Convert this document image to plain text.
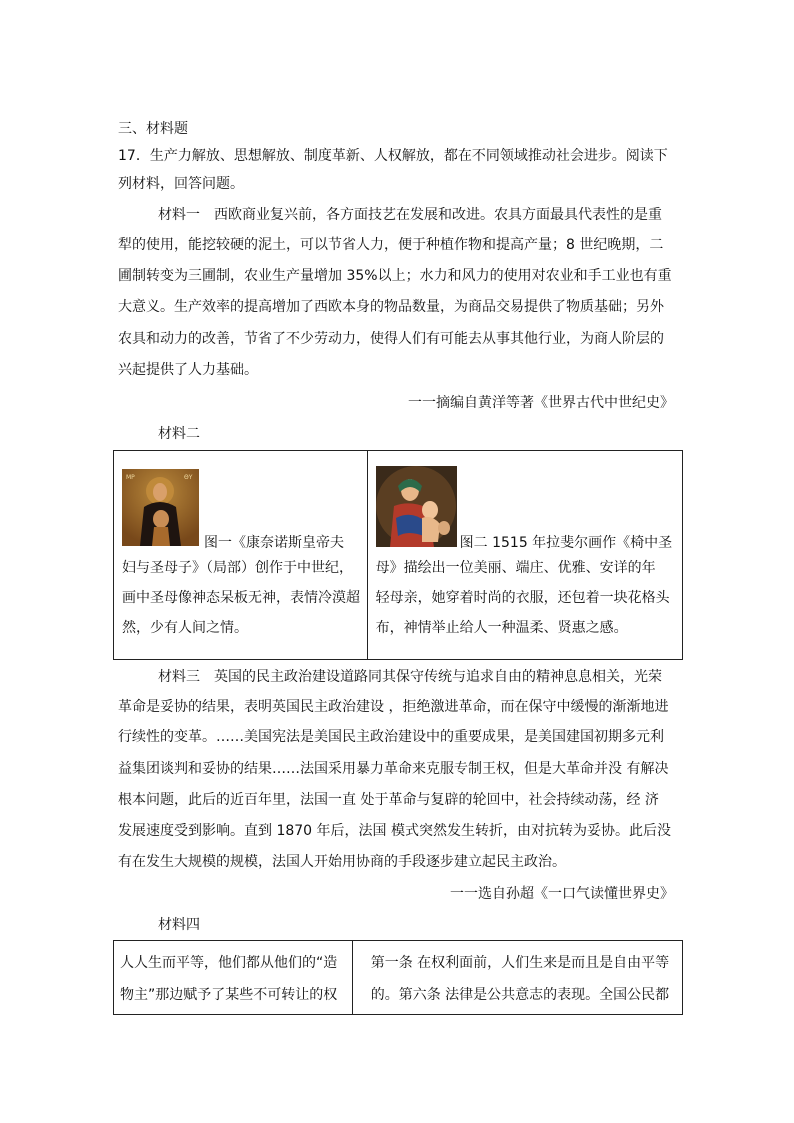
三、材料题
17．生产力解放、思想解放、制度革新、人权解放，都在不同领域推动社会进步。阅读下
列材料，回答问题。
材料一　西欧商业复兴前，各方面技艺在发展和改进。农具方面最具代表性的是重
犁的使用，能挖较硬的泥土，可以节省人力，便于种植作物和提高产量；8 世纪晚期，二
圃制转变为三圃制，农业生产量增加 35%以上；水力和风力的使用对农业和手工业也有重
大意义。生产效率的提高增加了西欧本身的物品数量，为商品交易提供了物质基础；另外
农具和动力的改善，节省了不少劳动力，使得人们有可能去从事其他行业，为商人阶层的
兴起提供了人力基础。
一一摘编自黄洋等著《世界古代中世纪史》
材料二
MP	ΘY
图一《康奈诺斯皇帝夫
妇与圣母子》（局部）创作于中世纪，
画中圣母像神态呆板无神，表情冷漠超
然，少有人间之情。

图二 1515 年拉斐尔画作《椅中圣
母》描绘出一位美丽、端庄、优雅、安详的年
轻母亲，她穿着时尚的衣服，还包着一块花格头
布，神情举止给人一种温柔、贤惠之感。
材料三　英国的民主政治建设道路同其保守传统与追求自由的精神息息相关，光荣
革命是妥协的结果，表明英国民主政治建设 ，拒绝激进革命，而在保守中缓慢的渐渐地进
行续性的变革。……美国宪法是美国民主政治建设中的重要成果，是美国建国初期多元利
益集团谈判和妥协的结果……法国采用暴力革命来克服专制王权，但是大革命并没 有解决
根本问题，此后的近百年里，法国一直 处于革命与复辟的轮回中，社会持续动荡，经 济
发展速度受到影响。直到 1870 年后，法国 模式突然发生转折，由对抗转为妥协。此后没
有在发生大规模的规模，法国人开始用协商的手段逐步建立起民主政治。
一一选自孙超《一口气读懂世界史》
材料四
人人生而平等，他们都从他们的“造
物主”那边赋予了某些不可转让的权

第一条 在权利面前，人们生来是而且是自由平等
的。第六条 法律是公共意志的表现。全国公民都
